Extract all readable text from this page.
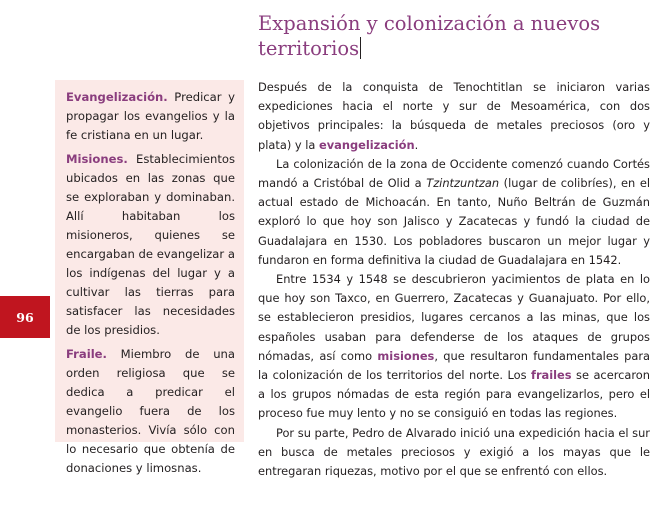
Expansión y colonización a nuevos territorios

Evangelización. Predicar y propagar los evangelios y la fe cristiana en un lugar.

Misiones. Establecimientos ubicados en las zonas que se exploraban y dominaban. Allí habitaban los misioneros, quienes se encargaban de evangelizar a los indígenas del lugar y a cultivar las tierras para satisfacer las necesidades de los presidios.

Fraile. Miembro de una orden religiosa que se dedica a predicar el evangelio fuera de los monasterios. Vivía sólo con lo necesario que obtenía de donaciones y limosnas.

96

Después de la conquista de Tenochtitlan se iniciaron varias expediciones hacia el norte y sur de Mesoamérica, con dos objetivos principales: la búsqueda de metales preciosos (oro y plata) y la evangelización.

La colonización de la zona de Occidente comenzó cuando Cortés mandó a Cristóbal de Olid a Tzintzuntzan (lugar de colibríes), en el actual estado de Michoacán. En tanto, Nuño Beltrán de Guzmán exploró lo que hoy son Jalisco y Zacatecas y fundó la ciudad de Guadalajara en 1530. Los pobladores buscaron un mejor lugar y fundaron en forma definitiva la ciudad de Guadalajara en 1542.

Entre 1534 y 1548 se descubrieron yacimientos de plata en lo que hoy son Taxco, en Guerrero, Zacatecas y Guanajuato. Por ello, se establecieron presidios, lugares cercanos a las minas, que los españoles usaban para defenderse de los ataques de grupos nómadas, así como misiones, que resultaron fundamentales para la colonización de los territorios del norte. Los frailes se acercaron a los grupos nómadas de esta región para evangelizarlos, pero el proceso fue muy lento y no se consiguió en todas las regiones.

Por su parte, Pedro de Alvarado inició una expedición hacia el sur en busca de metales preciosos y exigió a los mayas que le entregaran riquezas, motivo por el que se enfrentó con ellos.
